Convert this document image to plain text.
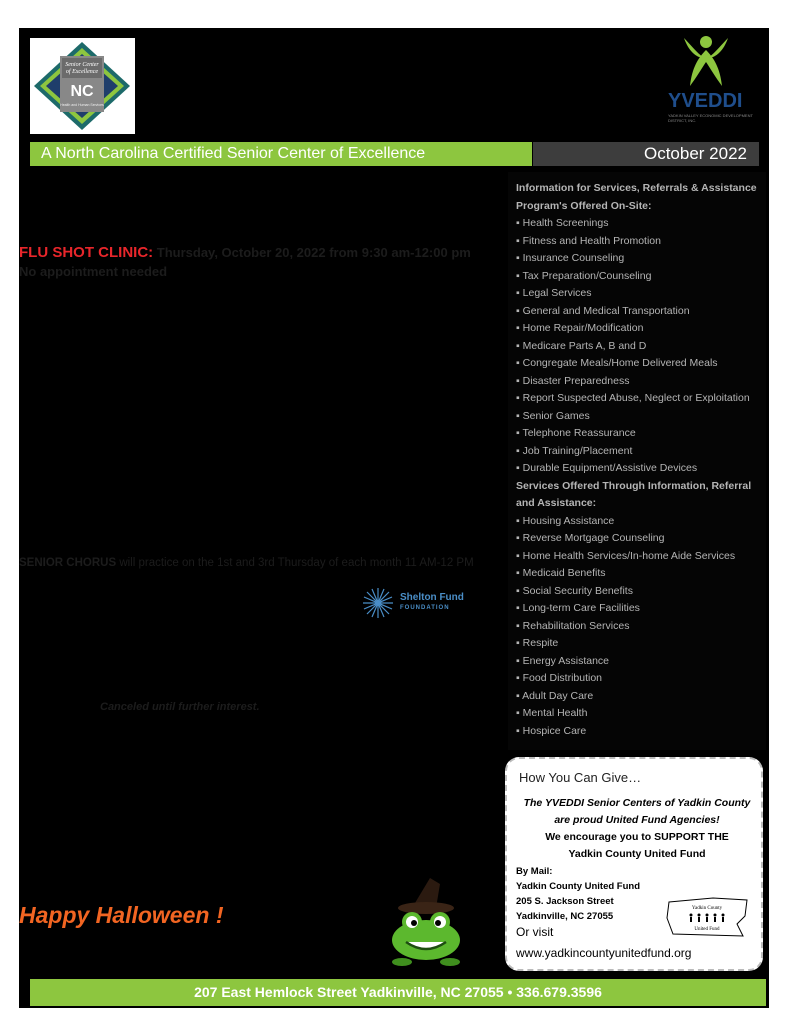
Senior Center
of Excellence
NC
Health and Human Services	YVEDDI
YADKIN VALLEY ECONOMIC DEVELOPMENT DISTRICT, INC.
A North Carolina Certified Senior Center of Excellence	October 2022
FLU SHOT CLINIC: Thursday, October 20, 2022 from 9:30 am-12:00 pm
No appointment needed
SENIOR CHORUS will practice on the 1st and 3rd Thursday of each month 11 AM-12 PM
Shelton Fund
FOUNDATION
Canceled until further interest.
Happy Halloween !
Information for Services, Referrals & Assistance Program's Offered On-Site:
▪ Health Screenings
▪ Fitness and Health Promotion
▪ Insurance Counseling
▪ Tax Preparation/Counseling
▪ Legal Services
▪ General and Medical Transportation
▪ Home Repair/Modification
▪ Medicare Parts A, B and D
▪ Congregate Meals/Home Delivered Meals
▪ Disaster Preparedness
▪ Report Suspected Abuse, Neglect or Exploitation
▪ Senior Games
▪ Telephone Reassurance
▪ Job Training/Placement
▪ Durable Equipment/Assistive Devices
Services Offered Through Information, Referral and Assistance:
▪ Housing Assistance
▪ Reverse Mortgage Counseling
▪ Home Health Services/In-home Aide Services
▪ Medicaid Benefits
▪ Social Security Benefits
▪ Long-term Care Facilities
▪ Rehabilitation Services
▪ Respite
▪ Energy Assistance
▪ Food Distribution
▪ Adult Day Care
▪ Mental Health
▪ Hospice Care
How You Can Give…
The YVEDDI Senior Centers of Yadkin County
are proud United Fund Agencies!
We encourage you to SUPPORT THE
Yadkin County United Fund
By Mail:
Yadkin County United Fund
205 S. Jackson Street
Yadkinville, NC 27055
Or visit
www.yadkincountyunitedfund.org
Yadkin County
United Fund
207 East Hemlock Street Yadkinville, NC 27055 • 336.679.3596
